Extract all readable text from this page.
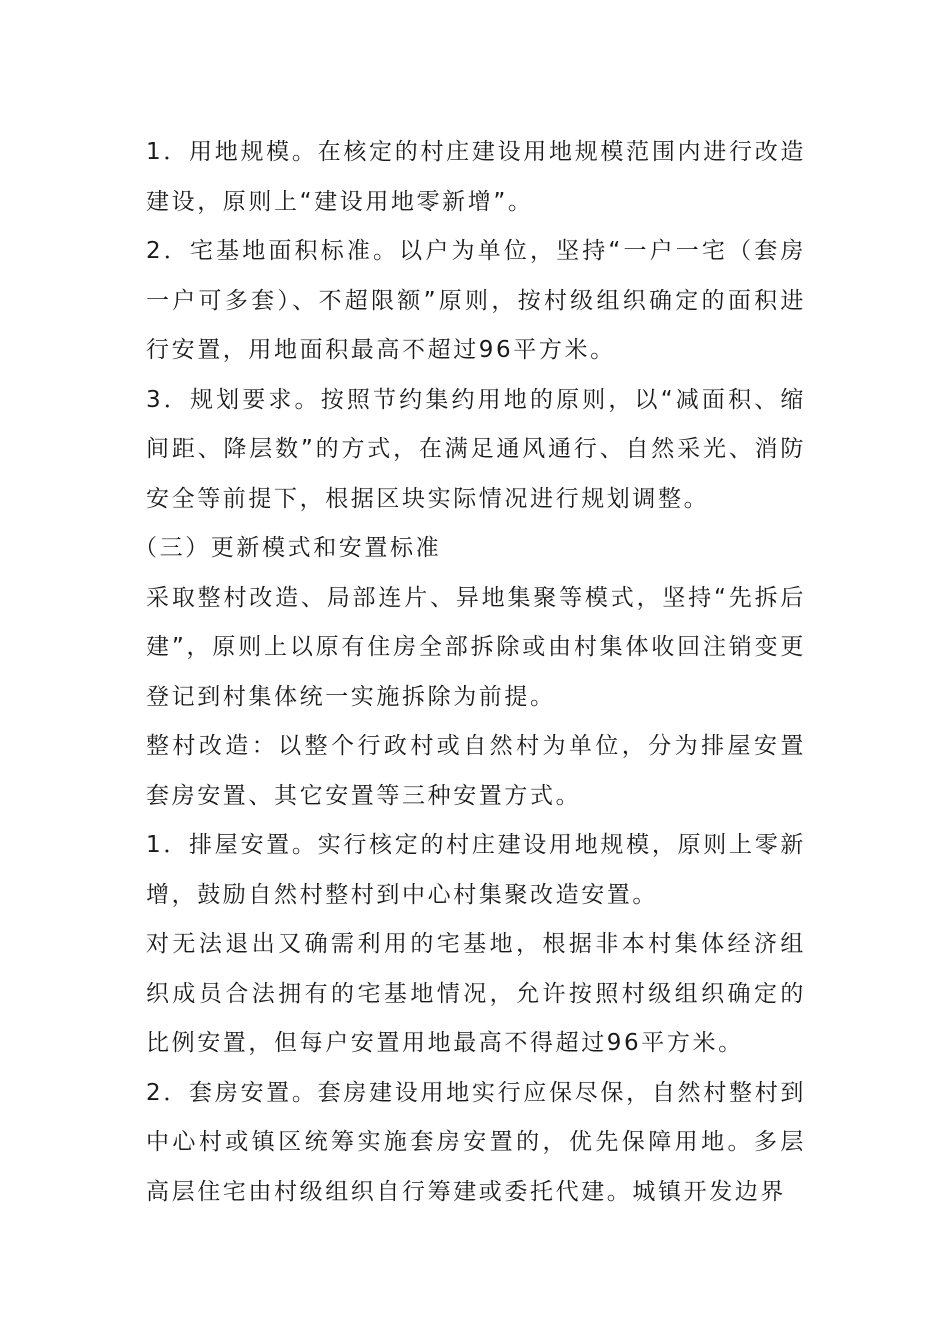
1．用地规模。在核定的村庄建设用地规模范围内进行改造建设，原则上“建设用地零新增”。

2．宅基地面积标准。以户为单位，坚持“一户一宅（套房一户可多套）、不超限额”原则，按村级组织确定的面积进行安置，用地面积最高不超过96平方米。

3．规划要求。按照节约集约用地的原则，以“减面积、缩间距、降层数”的方式，在满足通风通行、自然采光、消防安全等前提下，根据区块实际情况进行规划调整。

（三）更新模式和安置标准

采取整村改造、局部连片、异地集聚等模式，坚持“先拆后建”，原则上以原有住房全部拆除或由村集体收回注销变更登记到村集体统一实施拆除为前提。

整村改造：以整个行政村或自然村为单位，分为排屋安置套房安置、其它安置等三种安置方式。

1．排屋安置。实行核定的村庄建设用地规模，原则上零新增，鼓励自然村整村到中心村集聚改造安置。

对无法退出又确需利用的宅基地，根据非本村集体经济组织成员合法拥有的宅基地情况，允许按照村级组织确定的比例安置，但每户安置用地最高不得超过96平方米。

2．套房安置。套房建设用地实行应保尽保，自然村整村到中心村或镇区统筹实施套房安置的，优先保障用地。多层高层住宅由村级组织自行筹建或委托代建。城镇开发边界
